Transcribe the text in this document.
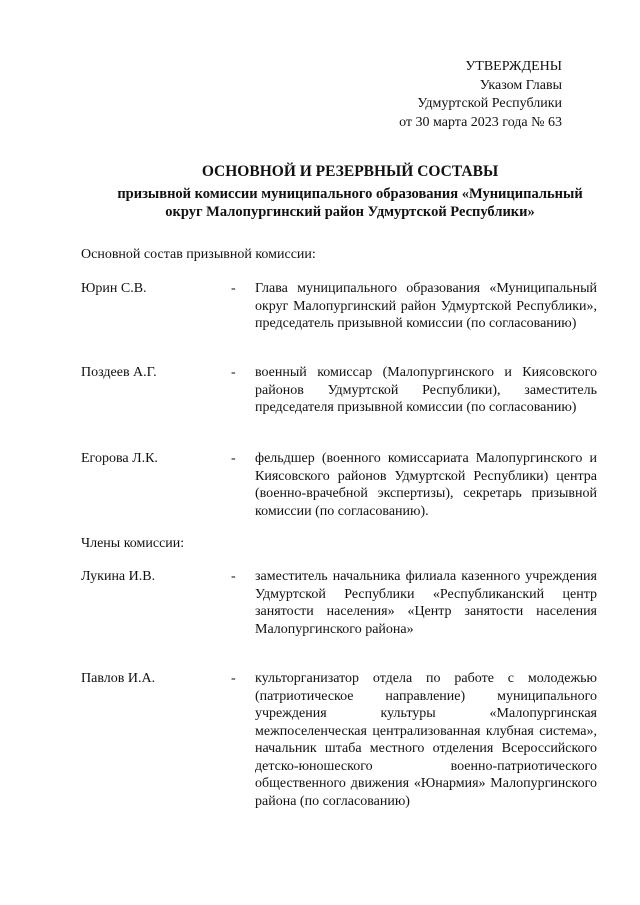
УТВЕРЖДЕНЫ
Указом Главы
Удмуртской Республики
от 30 марта 2023 года № 63
ОСНОВНОЙ И РЕЗЕРВНЫЙ СОСТАВЫ
призывной комиссии муниципального образования «Муниципальный
округ Малопургинский район Удмуртской Республики»
Основной состав призывной комиссии:
Юрин С.В.	- Глава муниципального образования «Муниципальный округ Малопургинский район Удмуртской Республики», председатель призывной комиссии (по согласованию)
Поздеев А.Г.	- военный комиссар (Малопургинского и Киясовского районов Удмуртской Республики), заместитель председателя призывной комиссии (по согласованию)
Егорова Л.К.	- фельдшер (военного комиссариата Малопургинского и Киясовского районов Удмуртской Республики) центра (военно-врачебной экспертизы), секретарь призывной комиссии (по согласованию).
Члены комиссии:
Лукина И.В.	- заместитель начальника филиала казенного учреждения Удмуртской Республики «Республиканский центр занятости населения» «Центр занятости населения Малопургинского района»
Павлов И.А.	- культорганизатор отдела по работе с молодежью (патриотическое направление) муниципального учреждения культуры «Малопургинская межпоселенческая централизованная клубная система», начальник штаба местного отделения Всероссийского детско-юношеского военно-патриотического общественного движения «Юнармия» Малопургинского района (по согласованию)
